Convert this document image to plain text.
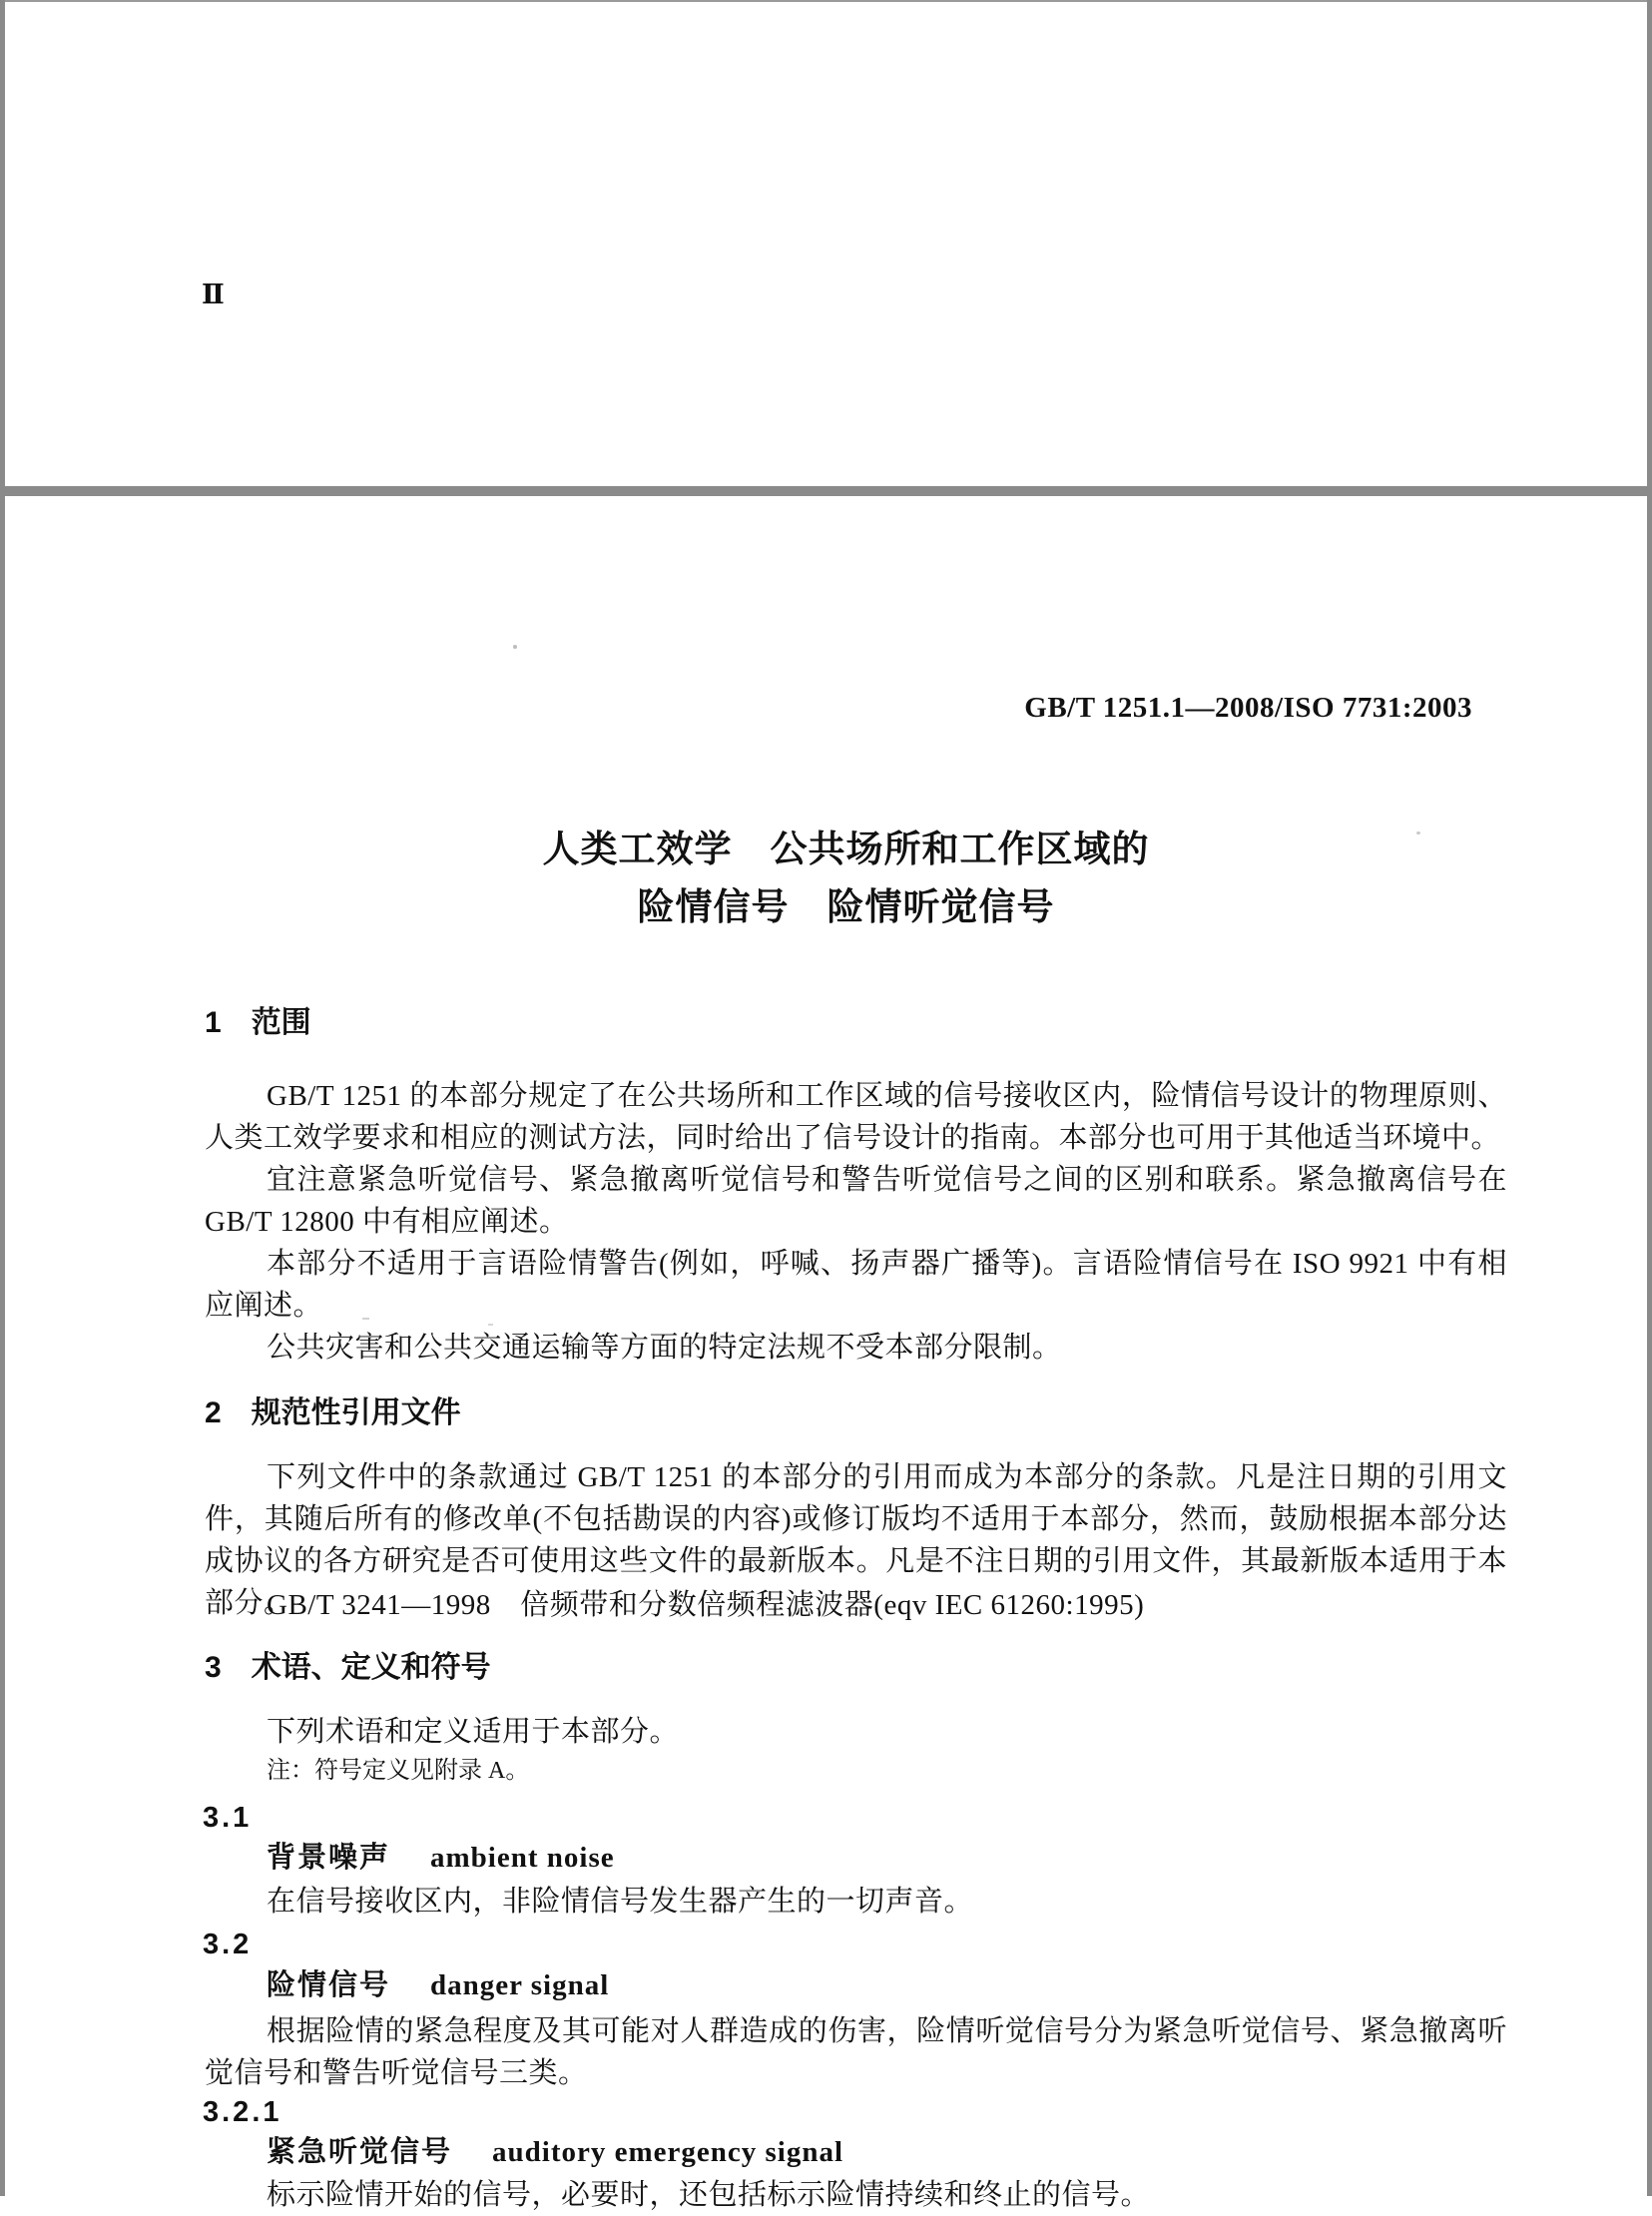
Ⅱ
GB/T 1251.1—2008/ISO 7731:2003
人类工效学　公共场所和工作区域的
险情信号　险情听觉信号
1 范围
GB/T 1251 的本部分规定了在公共场所和工作区域的信号接收区内，险情信号设计的物理原则、人类工效学要求和相应的测试方法，同时给出了信号设计的指南。本部分也可用于其他适当环境中。
宜注意紧急听觉信号、紧急撤离听觉信号和警告听觉信号之间的区别和联系。紧急撤离信号在 GB/T 12800 中有相应阐述。
本部分不适用于言语险情警告(例如，呼喊、扬声器广播等)。言语险情信号在 ISO 9921 中有相应阐述。
公共灾害和公共交通运输等方面的特定法规不受本部分限制。
2 规范性引用文件
下列文件中的条款通过 GB/T 1251 的本部分的引用而成为本部分的条款。凡是注日期的引用文件，其随后所有的修改单(不包括勘误的内容)或修订版均不适用于本部分，然而，鼓励根据本部分达成协议的各方研究是否可使用这些文件的最新版本。凡是不注日期的引用文件，其最新版本适用于本部分。
GB/T 3241—1998　倍频带和分数倍频程滤波器(eqv IEC 61260:1995)
3 术语、定义和符号
下列术语和定义适用于本部分。
注：符号定义见附录 A。
3.1
背景噪声 ambient noise
在信号接收区内，非险情信号发生器产生的一切声音。
3.2
险情信号 danger signal
根据险情的紧急程度及其可能对人群造成的伤害，险情听觉信号分为紧急听觉信号、紧急撤离听觉信号和警告听觉信号三类。
3.2.1
紧急听觉信号 auditory emergency signal
标示险情开始的信号，必要时，还包括标示险情持续和终止的信号。
